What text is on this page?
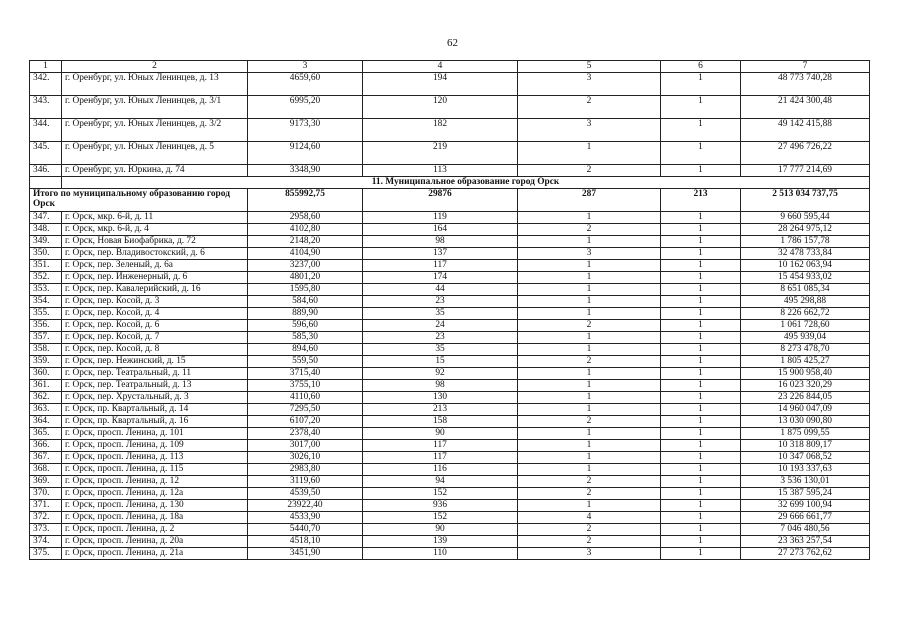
62
1	2	3	4	5	6	7
342.	г. Оренбург, ул. Юных Ленинцев, д. 13	4659,60	194	3	1	48 773 740,28
343.	г. Оренбург, ул. Юных Ленинцев, д. 3/1	6995,20	120	2	1	21 424 300,48
344.	г. Оренбург, ул. Юных Ленинцев, д. 3/2	9173,30	182	3	1	49 142 415,88
345.	г. Оренбург, ул. Юных Ленинцев, д. 5	9124,60	219	1	1	27 496 726,22
346.	г. Оренбург, ул. Юркина, д. 74	3348,90	113	2	1	17 777 214,69
	11. Муниципальное образование город Орск					
Итого по муниципальному образованию город Орск		855992,75	29876	287	213	2 513 034 737,75
347.	г. Орск, мкр. 6-й, д. 11	2958,60	119	1	1	9 660 595,44
348.	г. Орск, мкр. 6-й, д. 4	4102,80	164	2	1	28 264 975,12
349.	г. Орск, Новая Биофабрика, д. 72	2148,20	98	1	1	1 786 157,78
350.	г. Орск, пер. Владивостокский, д. 6	4104,90	137	3	1	32 478 733,84
351.	г. Орск, пер. Зеленый, д. 6а	3237,00	117	1	1	10 162 063,94
352.	г. Орск, пер. Инженерный, д. 6	4801,20	174	1	1	15 454 933,02
353.	г. Орск, пер. Кавалерийский, д. 16	1595,80	44	1	1	8 651 085,34
354.	г. Орск, пер. Косой, д. 3	584,60	23	1	1	495 298,88
355.	г. Орск, пер. Косой, д. 4	889,90	35	1	1	8 226 662,72
356.	г. Орск, пер. Косой, д. 6	596,60	24	2	1	1 061 728,60
357.	г. Орск, пер. Косой, д. 7	585,30	23	1	1	495 939,04
358.	г. Орск, пер. Косой, д. 8	894,60	35	1	1	8 273 478,70
359.	г. Орск, пер. Нежинский, д. 15	559,50	15	2	1	1 805 425,27
360.	г. Орск, пер. Театральный, д. 11	3715,40	92	1	1	15 900 958,40
361.	г. Орск, пер. Театральный, д. 13	3755,10	98	1	1	16 023 320,29
362.	г. Орск, пер. Хрустальный, д. 3	4110,60	130	1	1	23 226 844,05
363.	г. Орск, пр. Квартальный, д. 14	7295,50	213	1	1	14 960 047,09
364.	г. Орск, пр. Квартальный, д. 16	6107,20	158	2	1	13 030 090,80
365.	г. Орск, просп. Ленина, д. 101	2378,40	90	1	1	1 875 099,55
366.	г. Орск, просп. Ленина, д. 109	3017,00	117	1	1	10 318 809,17
367.	г. Орск, просп. Ленина, д. 113	3026,10	117	1	1	10 347 068,52
368.	г. Орск, просп. Ленина, д. 115	2983,80	116	1	1	10 193 337,63
369.	г. Орск, просп. Ленина, д. 12	3119,60	94	2	1	3 536 130,01
370.	г. Орск, просп. Ленина, д. 12а	4539,50	152	2	1	15 387 595,24
371.	г. Орск, просп. Ленина, д. 130	23922,40	936	1	1	32 699 100,94
372.	г. Орск, просп. Ленина, д. 18а	4533,90	152	4	1	29 666 661,77
373.	г. Орск, просп. Ленина, д. 2	5440,70	90	2	1	7 046 480,56
374.	г. Орск, просп. Ленина, д. 20а	4518,10	139	2	1	23 363 257,54
375.	г. Орск, просп. Ленина, д. 21а	3451,90	110	3	1	27 273 762,62
